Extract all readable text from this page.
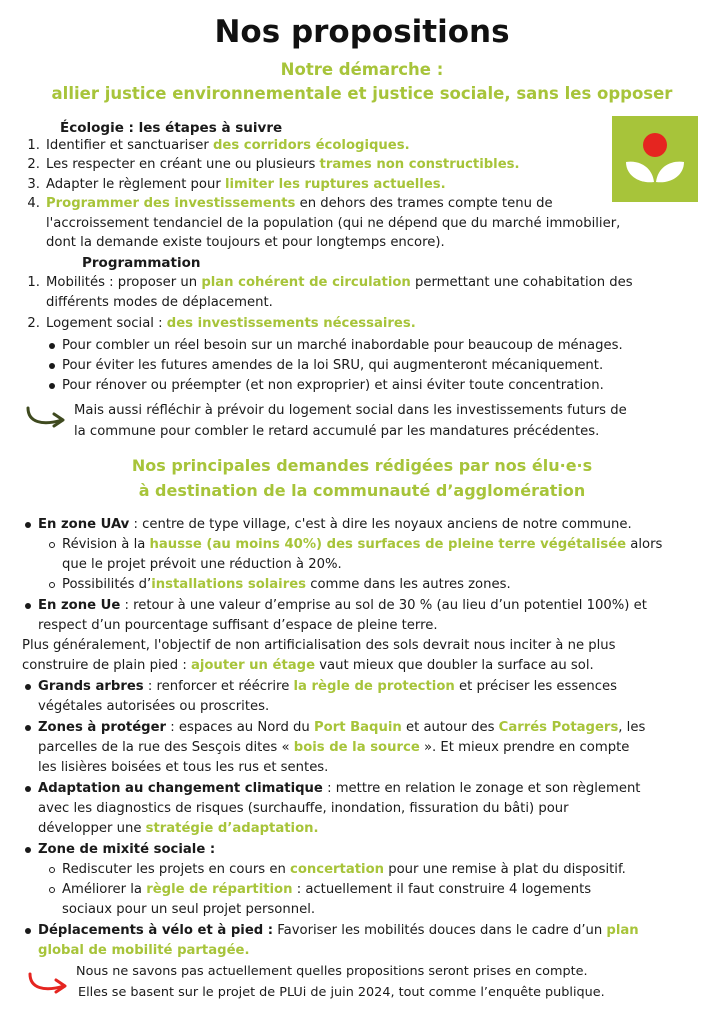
Nos propositions
Notre démarche :
allier justice environnementale et justice sociale, sans les opposer
Écologie : les étapes à suivre
1. Identifier et sanctuariser des corridors écologiques.
2. Les respecter en créant une ou plusieurs trames non constructibles.
3. Adapter le règlement pour limiter les ruptures actuelles.
4. Programmer des investissements en dehors des trames compte tenu de
l'accroissement tendanciel de la population (qui ne dépend que du marché immobilier,
dont la demande existe toujours et pour longtemps encore).
Programmation
1. Mobilités : proposer un plan cohérent de circulation permettant une cohabitation des
différents modes de déplacement.
2. Logement social : des investissements nécessaires.
Pour combler un réel besoin sur un marché inabordable pour beaucoup de ménages.
Pour éviter les futures amendes de la loi SRU, qui augmenteront mécaniquement.
Pour rénover ou préempter (et non exproprier) et ainsi éviter toute concentration.
Mais aussi réfléchir à prévoir du logement social dans les investissements futurs de
la commune pour combler le retard accumulé par les mandatures précédentes.
Nos principales demandes rédigées par nos élu·e·s
à destination de la communauté d’agglomération
En zone UAv : centre de type village, c'est à dire les noyaux anciens de notre commune.
Révision à la hausse (au moins 40%) des surfaces de pleine terre végétalisée alors
que le projet prévoit une réduction à 20%.
Possibilités d’installations solaires comme dans les autres zones.
En zone Ue : retour à une valeur d’emprise au sol de 30 % (au lieu d’un potentiel 100%) et
respect d’un pourcentage suffisant d’espace de pleine terre.
Plus généralement, l'objectif de non artificialisation des sols devrait nous inciter à ne plus
construire de plain pied : ajouter un étage vaut mieux que doubler la surface au sol.
Grands arbres : renforcer et réécrire la règle de protection et préciser les essences
végétales autorisées ou proscrites.
Zones à protéger : espaces au Nord du Port Baquin et autour des Carrés Potagers, les
parcelles de la rue des Sesçois dites « bois de la source ». Et mieux prendre en compte
les lisières boisées et tous les rus et sentes.
Adaptation au changement climatique : mettre en relation le zonage et son règlement
avec les diagnostics de risques (surchauffe, inondation, fissuration du bâti) pour
développer une stratégie d’adaptation.
Zone de mixité sociale :
Rediscuter les projets en cours en concertation pour une remise à plat du dispositif.
Améliorer la règle de répartition : actuellement il faut construire 4 logements
sociaux pour un seul projet personnel.
Déplacements à vélo et à pied : Favoriser les mobilités douces dans le cadre d’un plan
global de mobilité partagée.
Nous ne savons pas actuellement quelles propositions seront prises en compte.
Elles se basent sur le projet de PLUi de juin 2024, tout comme l’enquête publique.
